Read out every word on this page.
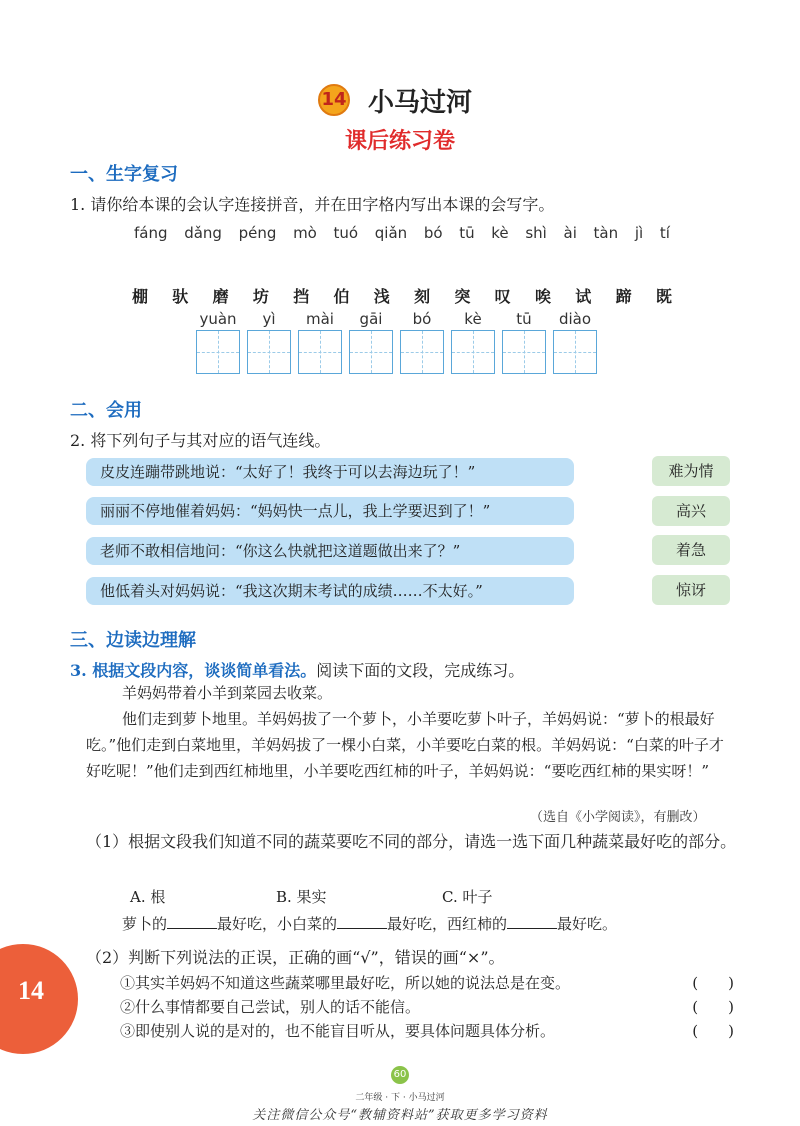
14 小马过河
课后练习卷
一、生字复习
1. 请你给本课的会认字连接拼音，并在田字格内写出本课的会写字。
fáng dǎng péng mò tuó qiǎn bó tū kè shì ài tàn jì tí
棚 驮 磨 坊 挡 伯 浅 刻 突 叹 唉 试 蹄 既
yuàn yì mài gāi bó kè tū diào
二、会用
2. 将下列句子与其对应的语气连线。
皮皮连蹦带跳地说：“太好了！我终于可以去海边玩了！”
丽丽不停地催着妈妈：“妈妈快一点儿，我上学要迟到了！”
老师不敢相信地问：“你这么快就把这道题做出来了？”
他低着头对妈妈说：“我这次期末考试的成绩……不太好。”
难为情
高兴
着急
惊讶
三、边读边理解
3. 根据文段内容，谈谈简单看法。阅读下面的文段，完成练习。
羊妈妈带着小羊到菜园去收菜。
他们走到萝卜地里。羊妈妈拔了一个萝卜，小羊要吃萝卜叶子，羊妈妈说：“萝卜的根最好吃。”他们走到白菜地里，羊妈妈拔了一棵小白菜，小羊要吃白菜的根。羊妈妈说：“白菜的叶子才好吃呢！”他们走到西红柿地里，小羊要吃西红柿的叶子，羊妈妈说：“要吃西红柿的果实呀！”
（选自《小学阅读》，有删改）
（1）根据文段我们知道不同的蔬菜要吃不同的部分，请选一选下面几种蔬菜最好吃的部分。
A. 根	B. 果实	C. 叶子
萝卜的	最好吃，小白菜的	最好吃，西红柿的	最好吃。
（2）判断下列说法的正误，正确的画“√”，错误的画“×”。
①其实羊妈妈不知道这些蔬菜哪里最好吃，所以她的说法总是在变。	(　　)
②什么事情都要自己尝试，别人的话不能信。	(　　)
③即使别人说的是对的，也不能盲目听从，要具体问题具体分析。	(　　)
14
60
二年级 · 下 · 小马过河
关注微信公众号“教辅资料站”获取更多学习资料
